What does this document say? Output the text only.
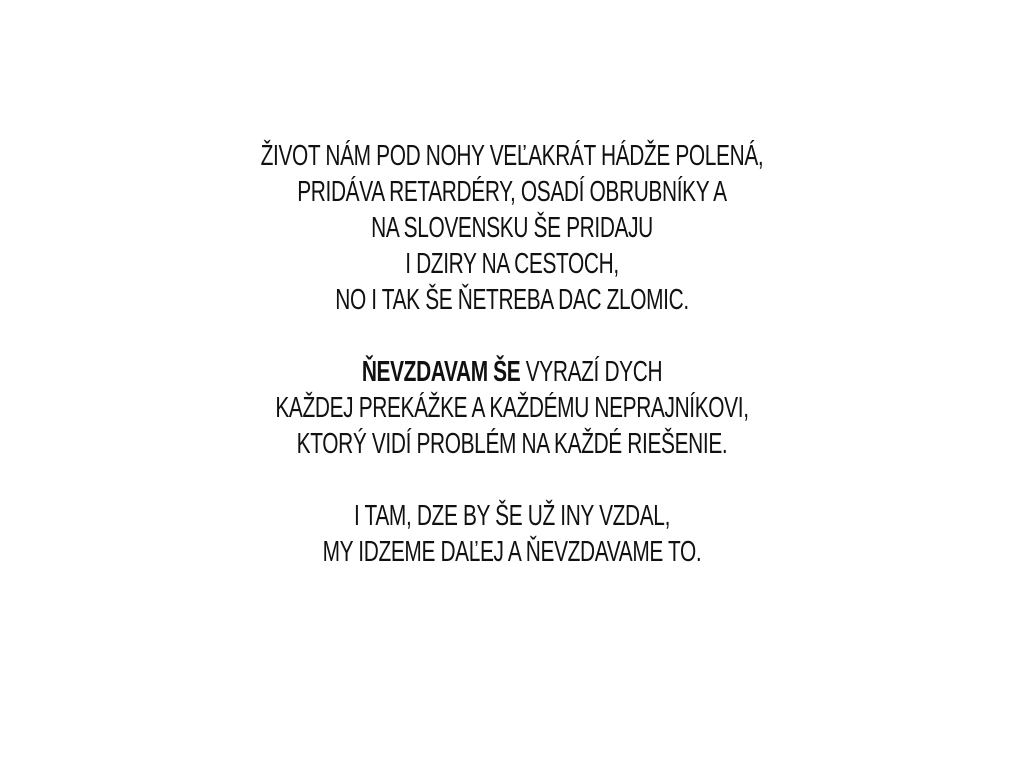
ŽIVOT NÁM POD NOHY VEĽAKRÁT HÁDŽE POLENÁ,
PRIDÁVA RETARDÉRY, OSADÍ OBRUBNÍKY A
NA SLOVENSKU ŠE PRIDAJU
I DZIRY NA CESTOCH,
NO I TAK ŠE ŇETREBA DAC ZLOMIC.
ŇEVZDAVAM ŠE VYRAZÍ DYCH
KAŽDEJ PREKÁŽKE A KAŽDÉMU NEPRAJNÍKOVI,
KTORÝ VIDÍ PROBLÉM NA KAŽDÉ RIEŠENIE.
I TAM, DZE BY ŠE UŽ INY VZDAL,
MY IDZEME DAĽEJ A ŇEVZDAVAME TO.
